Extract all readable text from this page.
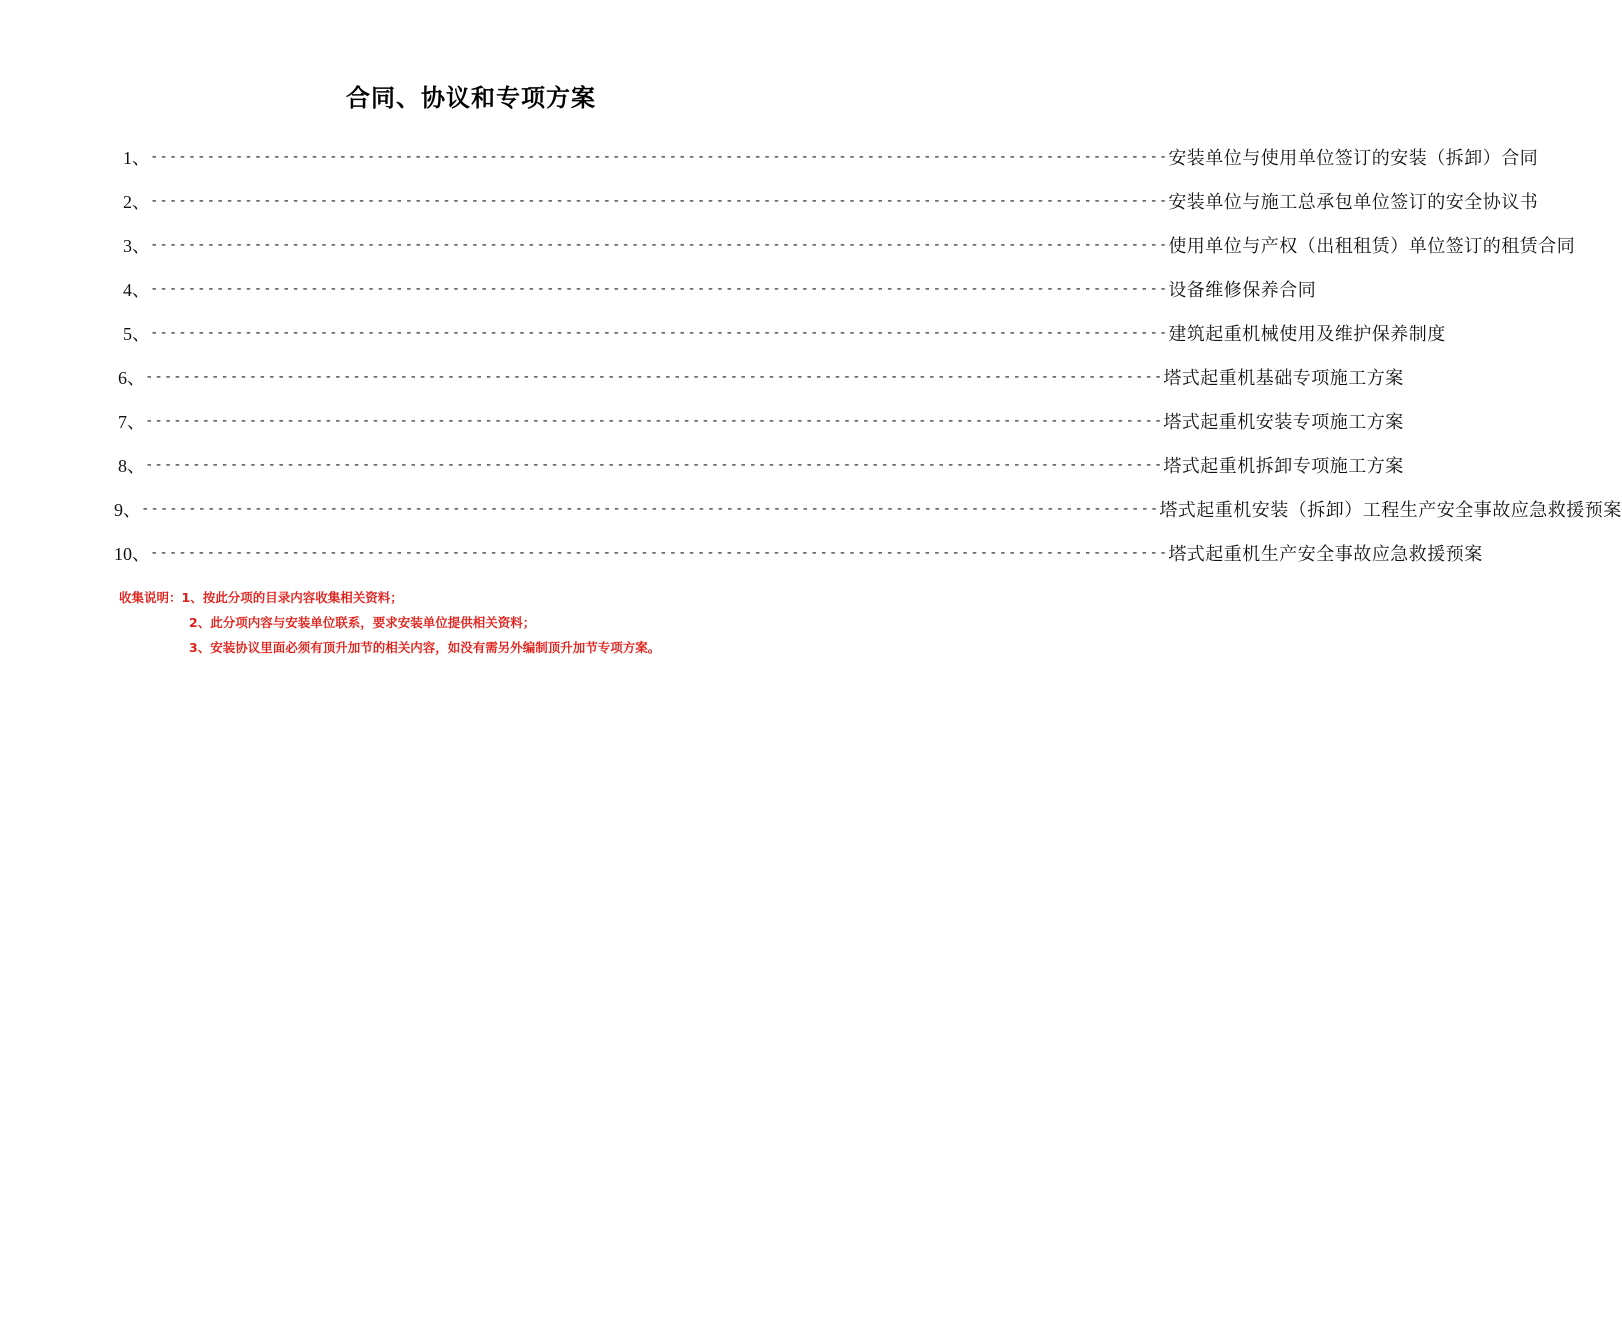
合同、协议和专项方案
1、 ------------------------------------------------------------------------------------------------------------ 安装单位与使用单位签订的安装（拆卸）合同
2、 ------------------------------------------------------------------------------------------------------------ 安装单位与施工总承包单位签订的安全协议书
3、 ------------------------------------------------------------------------------------------------------------ 使用单位与产权（出租租赁）单位签订的租赁合同
4、 ------------------------------------------------------------------------------------------------------------ 设备维修保养合同
5、 ------------------------------------------------------------------------------------------------------------ 建筑起重机械使用及维护保养制度
6、 ------------------------------------------------------------------------------------------------------------ 塔式起重机基础专项施工方案
7、 ------------------------------------------------------------------------------------------------------------ 塔式起重机安装专项施工方案
8、 ------------------------------------------------------------------------------------------------------------ 塔式起重机拆卸专项施工方案
9、 ------------------------------------------------------------------------------------------------------------ 塔式起重机安装（拆卸）工程生产安全事故应急救援预案
10、 ------------------------------------------------------------------------------------------------------------ 塔式起重机生产安全事故应急救援预案
收集说明：1、按此分项的目录内容收集相关资料；
2、此分项内容与安装单位联系，要求安装单位提供相关资料；
3、安装协议里面必须有顶升加节的相关内容，如没有需另外编制顶升加节专项方案。
